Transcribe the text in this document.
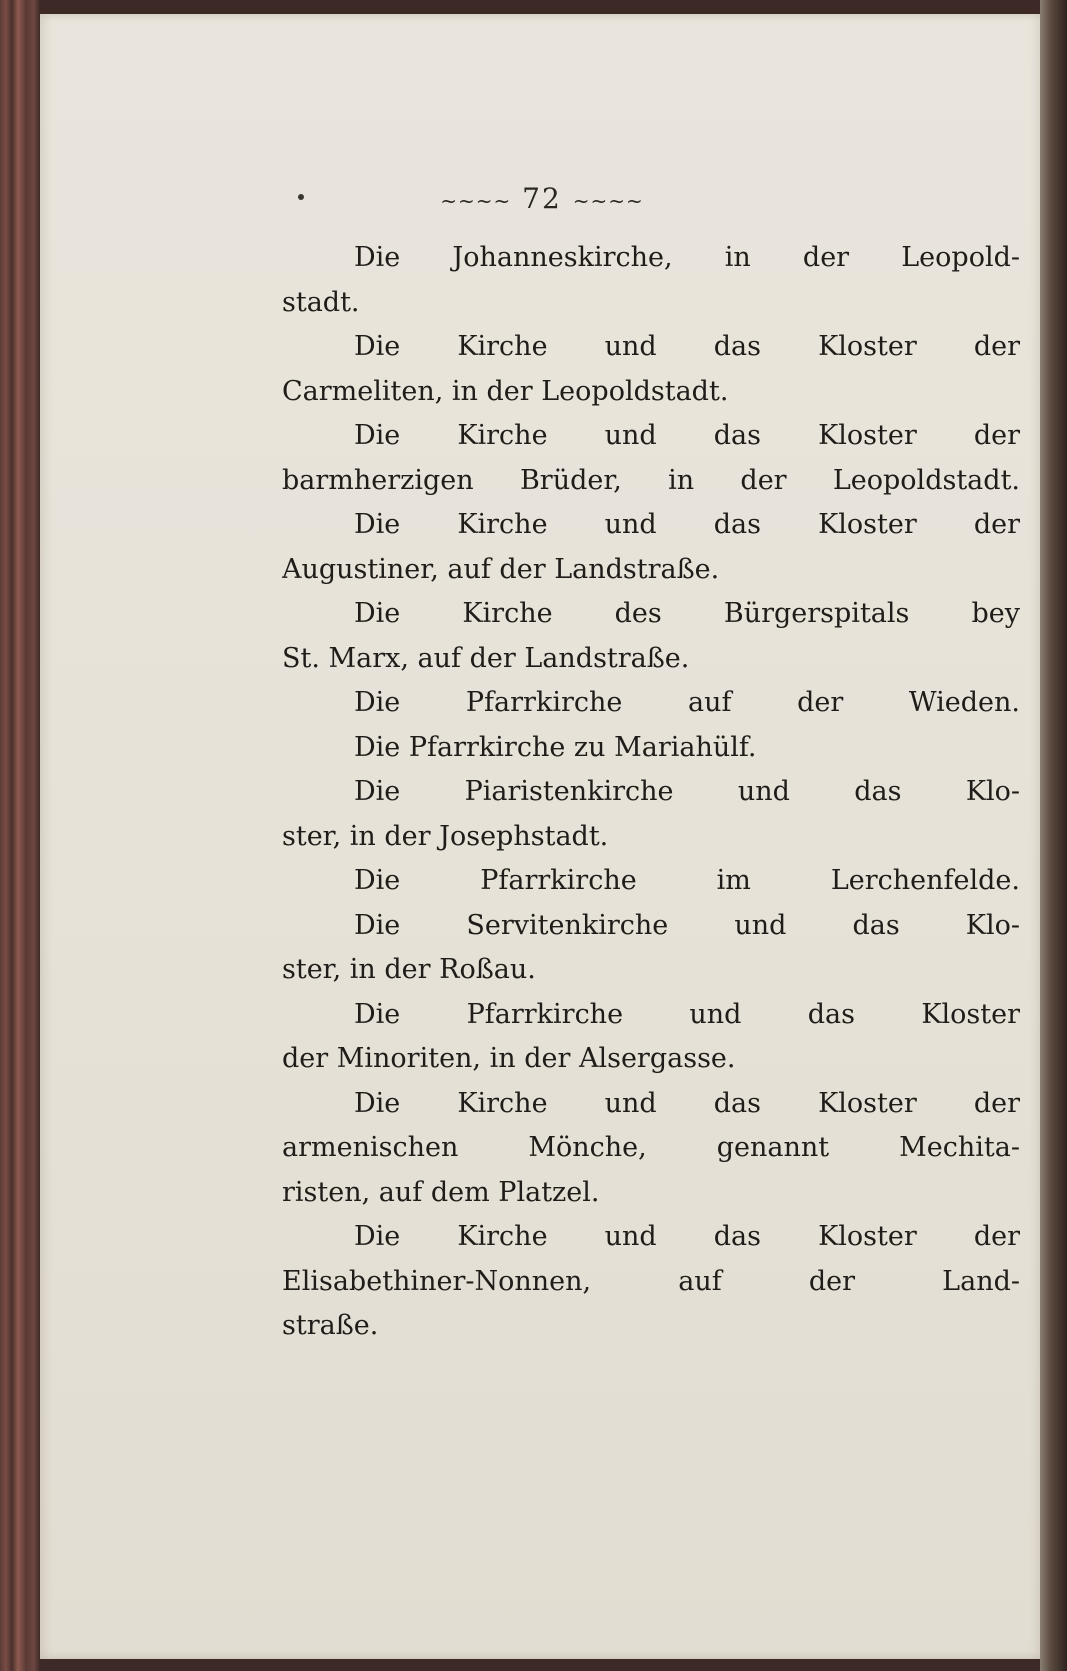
~~~~ 72 ~~~~
Die Johanneskirche, in der Leopold-
stadt.
Die Kirche und das Kloster der
Carmeliten, in der Leopoldstadt.
Die Kirche und das Kloster der
barmherzigen Brüder, in der Leopoldstadt.
Die Kirche und das Kloster der
Augustiner, auf der Landstraße.
Die Kirche des Bürgerspitals bey
St. Marx, auf der Landstraße.
Die Pfarrkirche auf der Wieden.
Die Pfarrkirche zu Mariahülf.
Die Piaristenkirche und das Klo-
ster, in der Josephstadt.
Die Pfarrkirche im Lerchenfelde.
Die Servitenkirche und das Klo-
ster, in der Roßau.
Die Pfarrkirche und das Kloster
der Minoriten, in der Alsergasse.
Die Kirche und das Kloster der
armenischen Mönche, genannt Mechita-
risten, auf dem Platzel.
Die Kirche und das Kloster der
Elisabethiner-Nonnen, auf der Land-
straße.
